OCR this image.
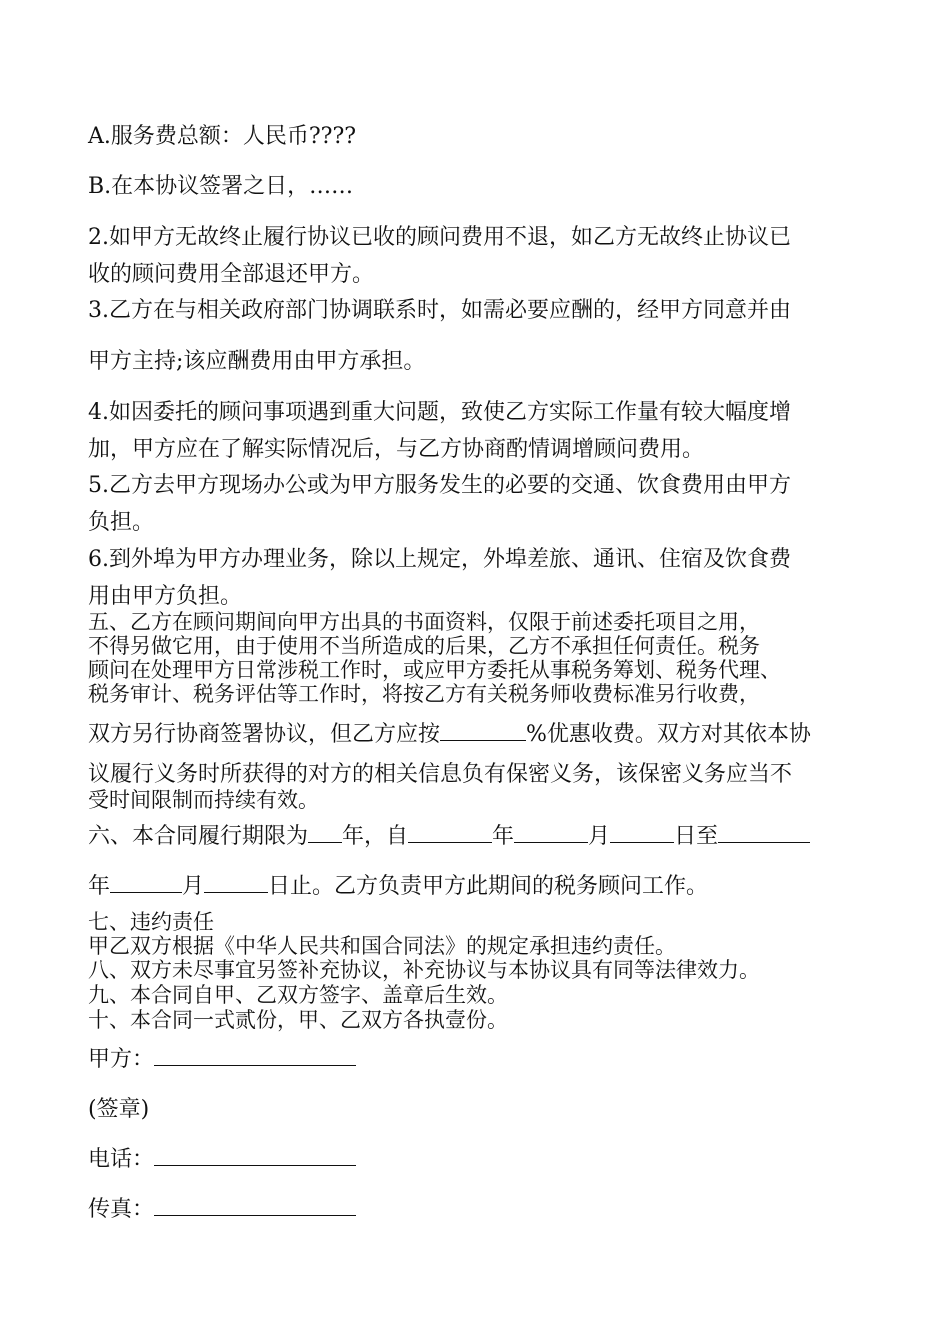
A.服务费总额：人民币????
B.在本协议签署之日，……
2.如甲方无故终止履行协议已收的顾问费用不退，如乙方无故终止协议已
收的顾问费用全部退还甲方。
3.乙方在与相关政府部门协调联系时，如需必要应酬的，经甲方同意并由
甲方主持;该应酬费用由甲方承担。
4.如因委托的顾问事项遇到重大问题，致使乙方实际工作量有较大幅度增
加，甲方应在了解实际情况后，与乙方协商酌情调增顾问费用。
5.乙方去甲方现场办公或为甲方服务发生的必要的交通、饮食费用由甲方
负担。
6.到外埠为甲方办理业务，除以上规定，外埠差旅、通讯、住宿及饮食费
用由甲方负担。
五、乙方在顾问期间向甲方出具的书面资料，仅限于前述委托项目之用，
不得另做它用，由于使用不当所造成的后果，乙方不承担任何责任。税务
顾问在处理甲方日常涉税工作时，或应甲方委托从事税务筹划、税务代理、
税务审计、税务评估等工作时，将按乙方有关税务师收费标准另行收费，
双方另行协商签署协议，但乙方应按	%优惠收费。双方对其依本协
议履行义务时所获得的对方的相关信息负有保密义务，该保密义务应当不
受时间限制而持续有效。
六、本合同履行期限为 年，自	年	月	日至
年	月	日止。乙方负责甲方此期间的税务顾问工作。
七、违约责任
甲乙双方根据《中华人民共和国合同法》的规定承担违约责任。
八、双方未尽事宜另签补充协议，补充协议与本协议具有同等法律效力。
九、本合同自甲、乙双方签字、盖章后生效。
十、本合同一式贰份，甲、乙双方各执壹份。
甲方：
(签章)
电话：
传真：
